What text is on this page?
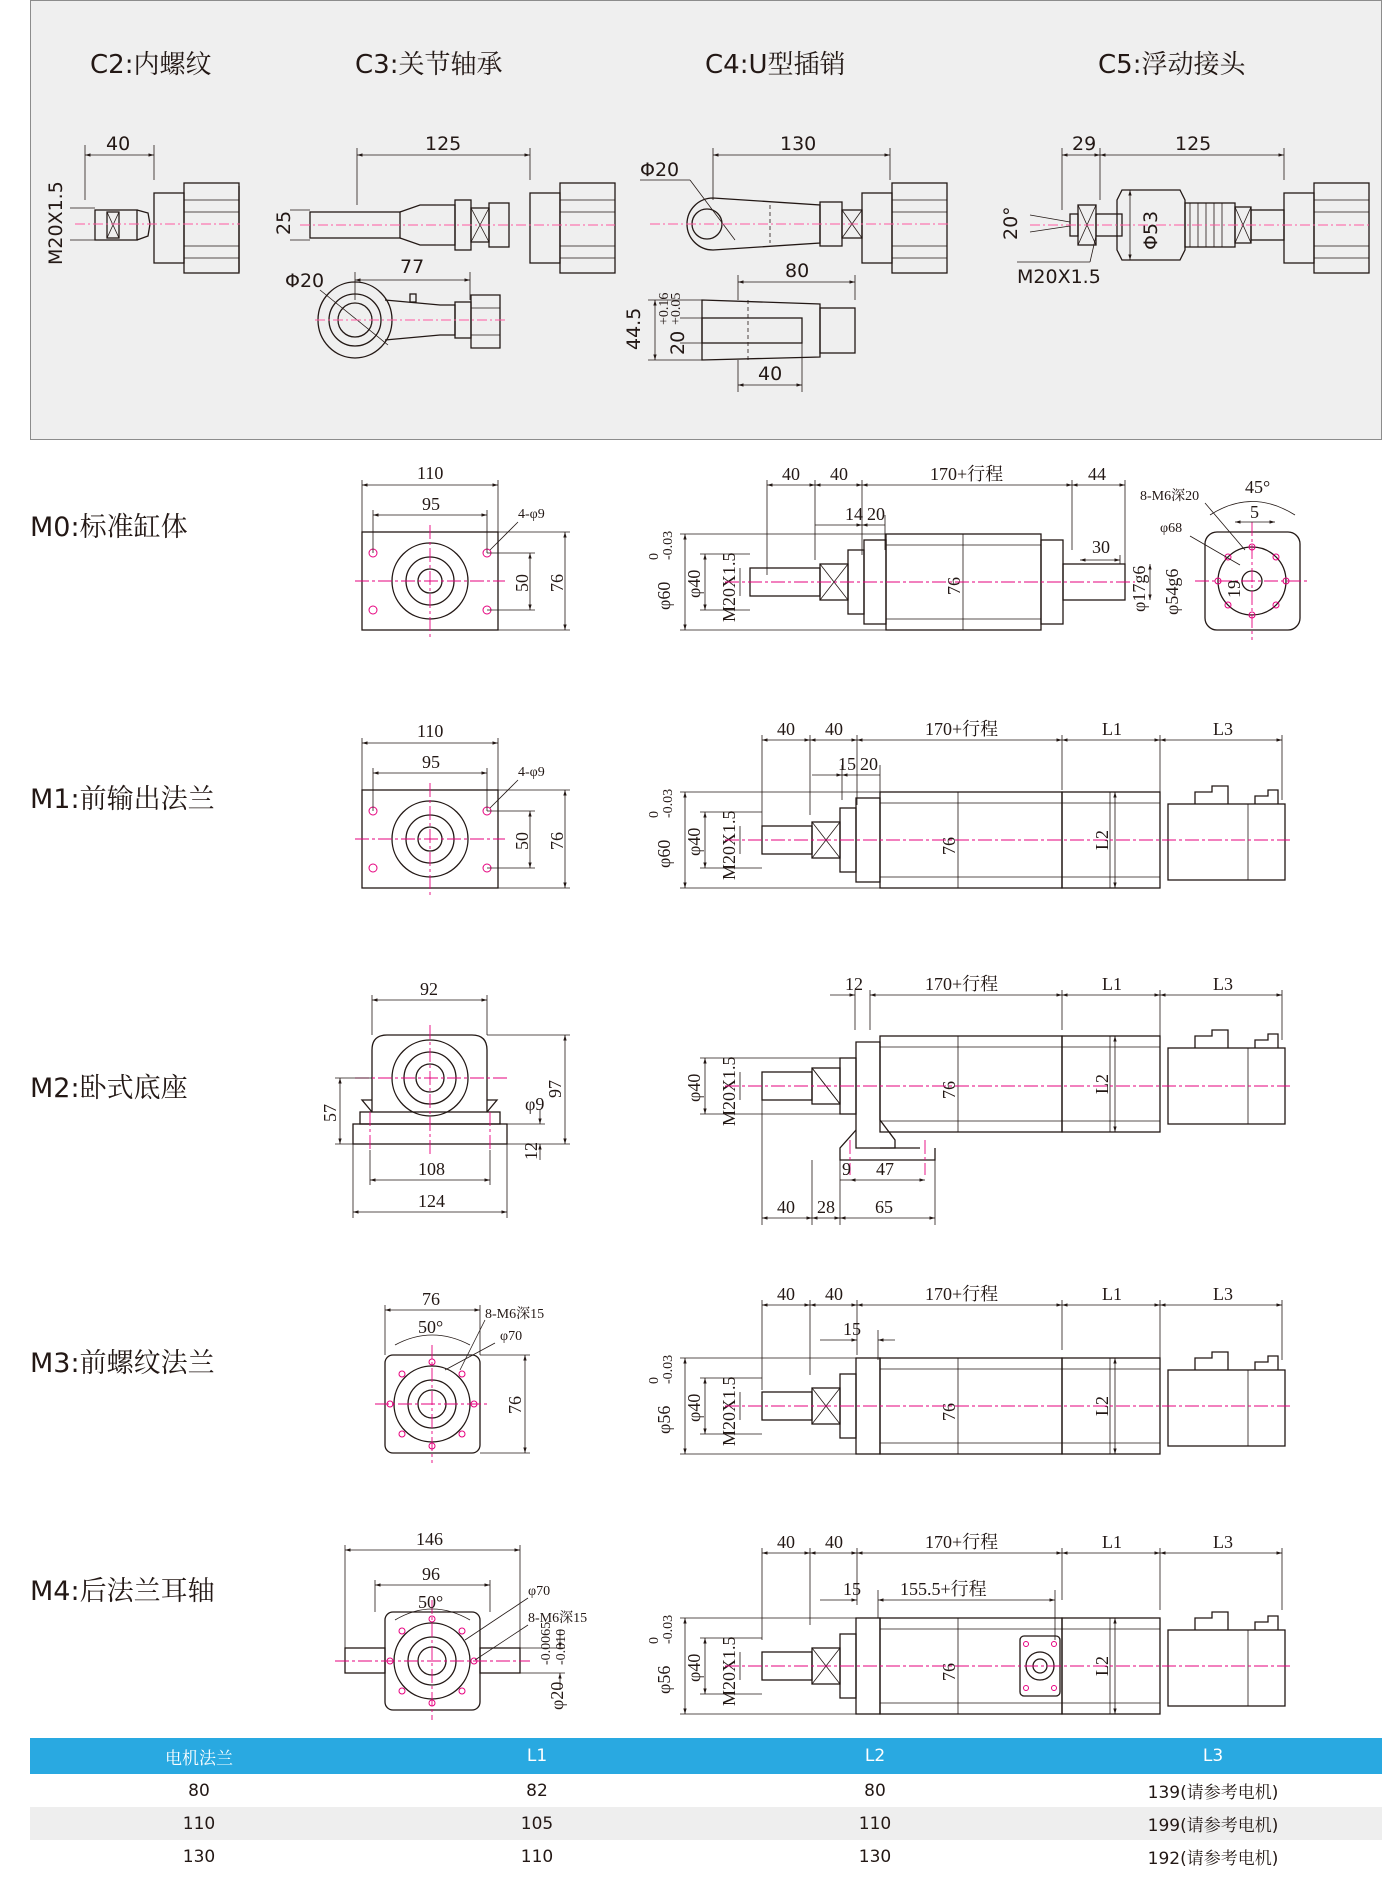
C2:内螺纹
40
M20X1.5
C3:关节轴承
125
25
77
Φ20
C4:U型插销
130
Φ20
80
44.5 20
+0.16
+0.05
40
C5:浮动接头
29	125
20°	Φ53
M20X1.5
M0:标准缸体
110
95
4-φ9
50 76
40 40	170+行程	44
14 20
30
76
φ60
0 -0.03
φ40 M20X1.5	φ17g6 φ54g6
8-M6深20	45°
5
φ68
19
M1:前输出法兰
110
95
4-φ9
50 76
40 40	170+行程	L1	L3
15 20
76	L2
φ60
0 -0.03
φ40 M20X1.5
M2:卧式底座
92
57
97
φ9
12
108
124
12	170+行程	L1	L3
76	L2
φ40 M20X1.5
9 47
40 28 65
M3:前螺纹法兰
76
8-M6深15
50°	φ70
76
40 40	170+行程	L1	L3
15
76	L2
φ56
0 -0.03
φ40 M20X1.5
M4:后法兰耳轴
146
96
50°
φ70
8-M6深15
φ20
-0.0065 -0.010
40 40	170+行程	L1	L3
15 155.5+行程
76	L2
φ56
0 -0.03
φ40 M20X1.5
电机法兰	L1	L2	L3
80	82	80	139(请参考电机)
110	105	110	199(请参考电机)
130	110	130	192(请参考电机)
